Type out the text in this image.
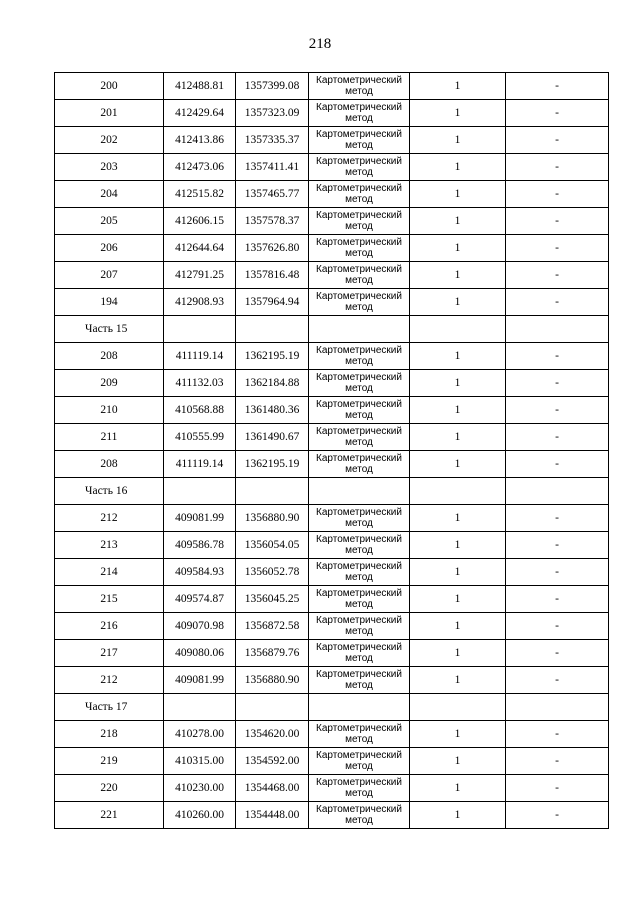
218
200	412488.81	1357399.08	Картометрический
метод	1	-
201	412429.64	1357323.09	Картометрический
метод	1	-
202	412413.86	1357335.37	Картометрический
метод	1	-
203	412473.06	1357411.41	Картометрический
метод	1	-
204	412515.82	1357465.77	Картометрический
метод	1	-
205	412606.15	1357578.37	Картометрический
метод	1	-
206	412644.64	1357626.80	Картометрический
метод	1	-
207	412791.25	1357816.48	Картометрический
метод	1	-
194	412908.93	1357964.94	Картометрический
метод	1	-
Часть 15					
208	411119.14	1362195.19	Картометрический
метод	1	-
209	411132.03	1362184.88	Картометрический
метод	1	-
210	410568.88	1361480.36	Картометрический
метод	1	-
211	410555.99	1361490.67	Картометрический
метод	1	-
208	411119.14	1362195.19	Картометрический
метод	1	-
Часть 16					
212	409081.99	1356880.90	Картометрический
метод	1	-
213	409586.78	1356054.05	Картометрический
метод	1	-
214	409584.93	1356052.78	Картометрический
метод	1	-
215	409574.87	1356045.25	Картометрический
метод	1	-
216	409070.98	1356872.58	Картометрический
метод	1	-
217	409080.06	1356879.76	Картометрический
метод	1	-
212	409081.99	1356880.90	Картометрический
метод	1	-
Часть 17					
218	410278.00	1354620.00	Картометрический
метод	1	-
219	410315.00	1354592.00	Картометрический
метод	1	-
220	410230.00	1354468.00	Картометрический
метод	1	-
221	410260.00	1354448.00	Картометрический
метод	1	-
